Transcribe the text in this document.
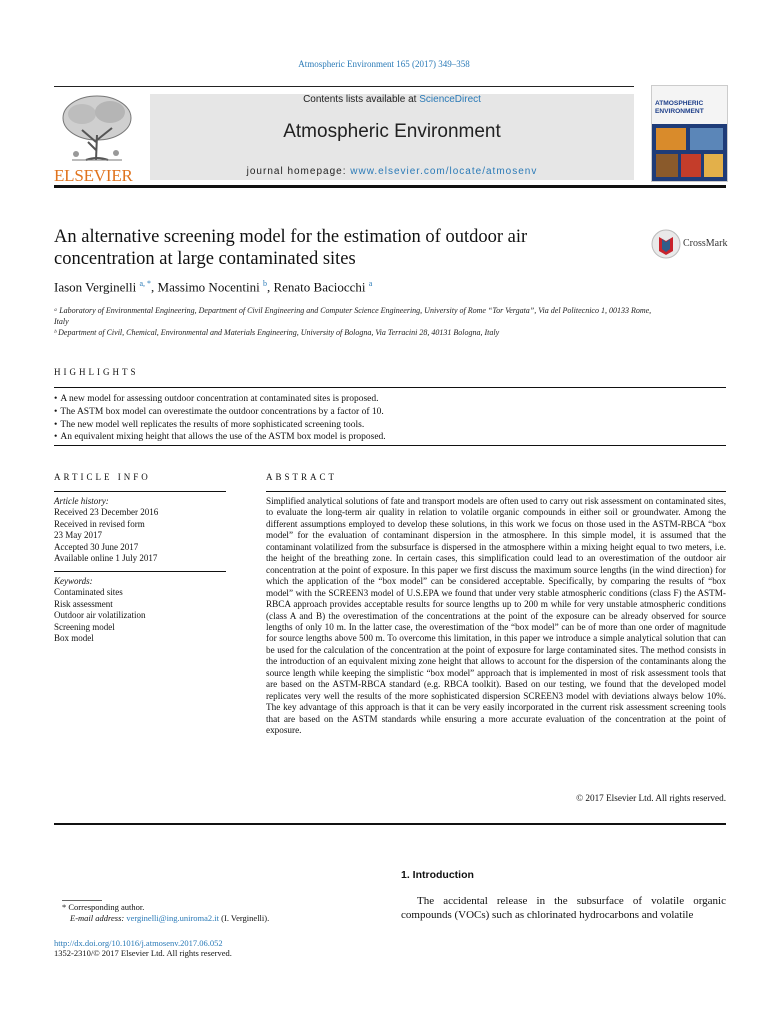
Atmospheric Environment 165 (2017) 349–358
ELSEVIER
Contents lists available at ScienceDirect
Atmospheric Environment
journal homepage: www.elsevier.com/locate/atmosenv
ATMOSPHERIC ENVIRONMENT
An alternative screening model for the estimation of outdoor air concentration at large contaminated sites
CrossMark
Iason Verginelli $^{a, *}$, Massimo Nocentini $^b$, Renato Baciocchi $^a$
ᵃ Laboratory of Environmental Engineering, Department of Civil Engineering and Computer Science Engineering, University of Rome “Tor Vergata”, Via del Politecnico 1, 00133 Rome, Italy
ᵇ Department of Civil, Chemical, Environmental and Materials Engineering, University of Bologna, Via Terracini 28, 40131 Bologna, Italy
HIGHLIGHTS
• A new model for assessing outdoor concentration at contaminated sites is proposed.
• The ASTM box model can overestimate the outdoor concentrations by a factor of 10.
• The new model well replicates the results of more sophisticated screening tools.
• An equivalent mixing height that allows the use of the ASTM box model is proposed.
ARTICLE INFO
Article history:
Received 23 December 2016
Received in revised form
23 May 2017
Accepted 30 June 2017
Available online 1 July 2017
Keywords:
Contaminated sites
Risk assessment
Outdoor air volatilization
Screening model
Box model
ABSTRACT
Simplified analytical solutions of fate and transport models are often used to carry out risk assessment on contaminated sites, to evaluate the long-term air quality in relation to volatile organic compounds in either soil or groundwater. Among the different assumptions employed to develop these solutions, in this work we focus on those used in the ASTM-RBCA “box model” for the evaluation of contaminant dispersion in the atmosphere. In this simple model, it is assumed that the contaminant volatilized from the subsurface is dispersed in the atmosphere within a mixing height equal to two meters, i.e. the height of the breathing zone. In certain cases, this simplification could lead to an overestimation of the outdoor air concentration at the point of exposure. In this paper we first discuss the maximum source lengths (in the wind direction) for which the application of the “box model” can be considered acceptable. Specifically, by comparing the results of “box model” with the SCREEN3 model of U.S.EPA we found that under very stable atmospheric conditions (class F) the ASTM-RBCA approach provides acceptable results for source lengths up to 200 m while for very unstable atmospheric conditions (class A and B) the overestimation of the concentrations at the point of the exposure can be already observed for source lengths of only 10 m. In the latter case, the overestimation of the “box model” can be of more than one order of magnitude for source lengths above 500 m. To overcome this limitation, in this paper we introduce a simple analytical solution that can be used for the calculation of the concentration at the point of exposure for large contaminated sites. The method consists in the introduction of an equivalent mixing zone height that allows to account for the dispersion of the contaminants along the source length while keeping the simplistic “box model” approach that is implemented in most of risk assessment tools that are based on the ASTM-RBCA standard (e.g. RBCA toolkit). Based on our testing, we found that the developed model replicates very well the results of the more sophisticated dispersion SCREEN3 model with deviations always below 10%. The key advantage of this approach is that it can be very easily incorporated in the current risk assessment screening tools that are based on the ASTM standards while ensuring a more accurate evaluation of the concentration at the point of exposure.
© 2017 Elsevier Ltd. All rights reserved.
1. Introduction
The accidental release in the subsurface of volatile organic compounds (VOCs) such as chlorinated hydrocarbons and volatile
* Corresponding author.
E-mail address: verginelli@ing.uniroma2.it (I. Verginelli).
http://dx.doi.org/10.1016/j.atmosenv.2017.06.052
1352-2310/© 2017 Elsevier Ltd. All rights reserved.
